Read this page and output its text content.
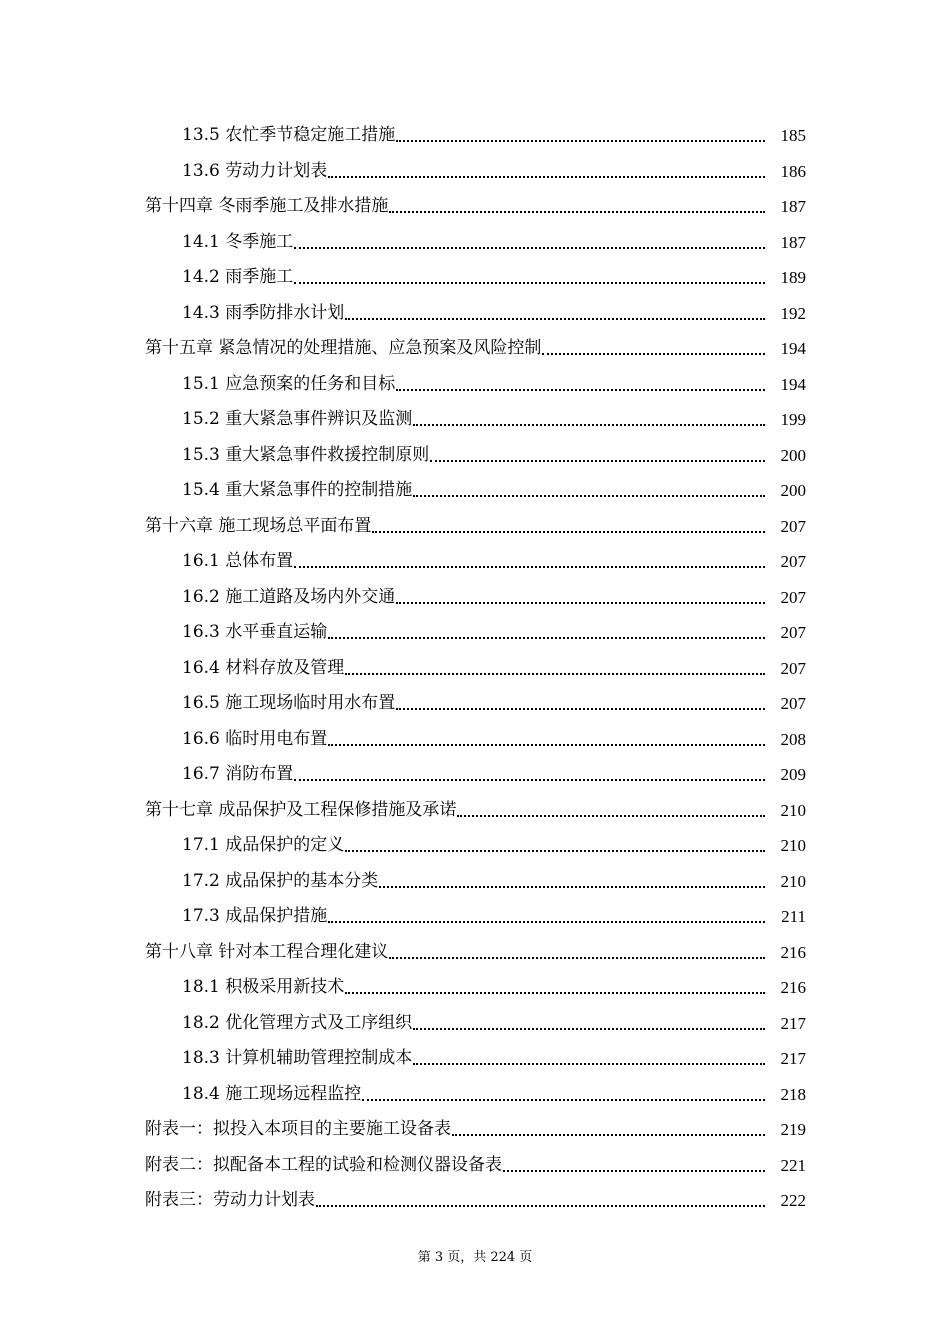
13.5 农忙季节稳定施工措施	185
13.6 劳动力计划表	186
第十四章 冬雨季施工及排水措施	187
14.1 冬季施工	187
14.2 雨季施工	189
14.3 雨季防排水计划	192
第十五章 紧急情况的处理措施、应急预案及风险控制	194
15.1 应急预案的任务和目标	194
15.2 重大紧急事件辨识及监测	199
15.3 重大紧急事件救援控制原则	200
15.4 重大紧急事件的控制措施	200
第十六章 施工现场总平面布置	207
16.1 总体布置	207
16.2 施工道路及场内外交通	207
16.3 水平垂直运输	207
16.4 材料存放及管理	207
16.5 施工现场临时用水布置	207
16.6 临时用电布置	208
16.7 消防布置	209
第十七章 成品保护及工程保修措施及承诺	210
17.1 成品保护的定义	210
17.2 成品保护的基本分类	210
17.3 成品保护措施	211
第十八章 针对本工程合理化建议	216
18.1 积极采用新技术	216
18.2 优化管理方式及工序组织	217
18.3 计算机辅助管理控制成本	217
18.4 施工现场远程监控	218
附表一：拟投入本项目的主要施工设备表	219
附表二：拟配备本工程的试验和检测仪器设备表	221
附表三：劳动力计划表	222
第 3 页，共 224 页
